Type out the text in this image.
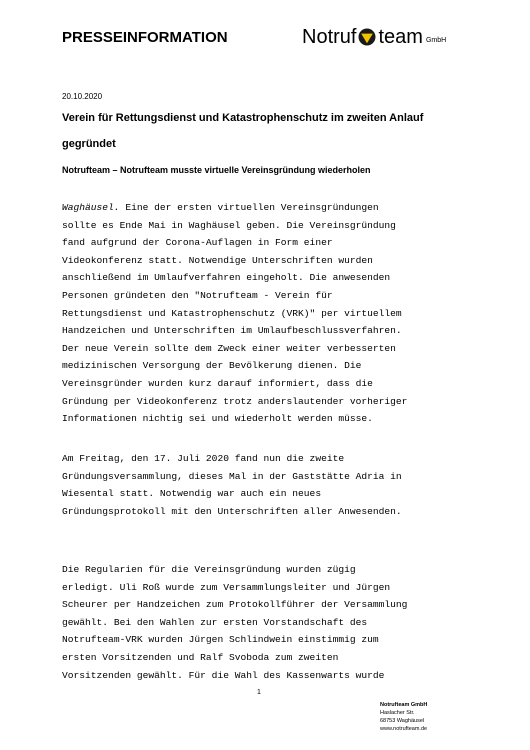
PRESSEINFORMATION	Notruf team GmbH
20.10.2020
Verein für Rettungsdienst und Katastrophenschutz im zweiten Anlauf gegründet
Notrufteam – Notrufteam musste virtuelle Vereinsgründung wiederholen
Waghäusel. Eine der ersten virtuellen Vereinsgründungen
sollte es Ende Mai in Waghäusel geben. Die Vereinsgründung
fand aufgrund der Corona-Auflagen in Form einer
Videokonferenz statt. Notwendige Unterschriften wurden
anschließend im Umlaufverfahren eingeholt. Die anwesenden
Personen gründeten den "Notrufteam - Verein für
Rettungsdienst und Katastrophenschutz (VRK)" per virtuellem
Handzeichen und Unterschriften im Umlaufbeschlussverfahren.
Der neue Verein sollte dem Zweck einer weiter verbesserten
medizinischen Versorgung der Bevölkerung dienen. Die
Vereinsgründer wurden kurz darauf informiert, dass die
Gründung per Videokonferenz trotz anderslautender vorheriger
Informationen nichtig sei und wiederholt werden müsse.
Am Freitag, den 17. Juli 2020 fand nun die zweite
Gründungsversammlung, dieses Mal in der Gaststätte Adria in
Wiesental statt. Notwendig war auch ein neues
Gründungsprotokoll mit den Unterschriften aller Anwesenden.
Die Regularien für die Vereinsgründung wurden zügig
erledigt. Uli Roß wurde zum Versammlungsleiter und Jürgen
Scheurer per Handzeichen zum Protokollführer der Versammlung
gewählt. Bei den Wahlen zur ersten Vorstandschaft des
Notrufteam-VRK wurden Jürgen Schlindwein einstimmig zum
ersten Vorsitzenden und Ralf Svoboda zum zweiten
Vorsitzenden gewählt. Für die Wahl des Kassenwarts wurde
1
Notrufteam GmbH
Haslacher Str.
68753 Waghäusel
www.notrufteam.de
